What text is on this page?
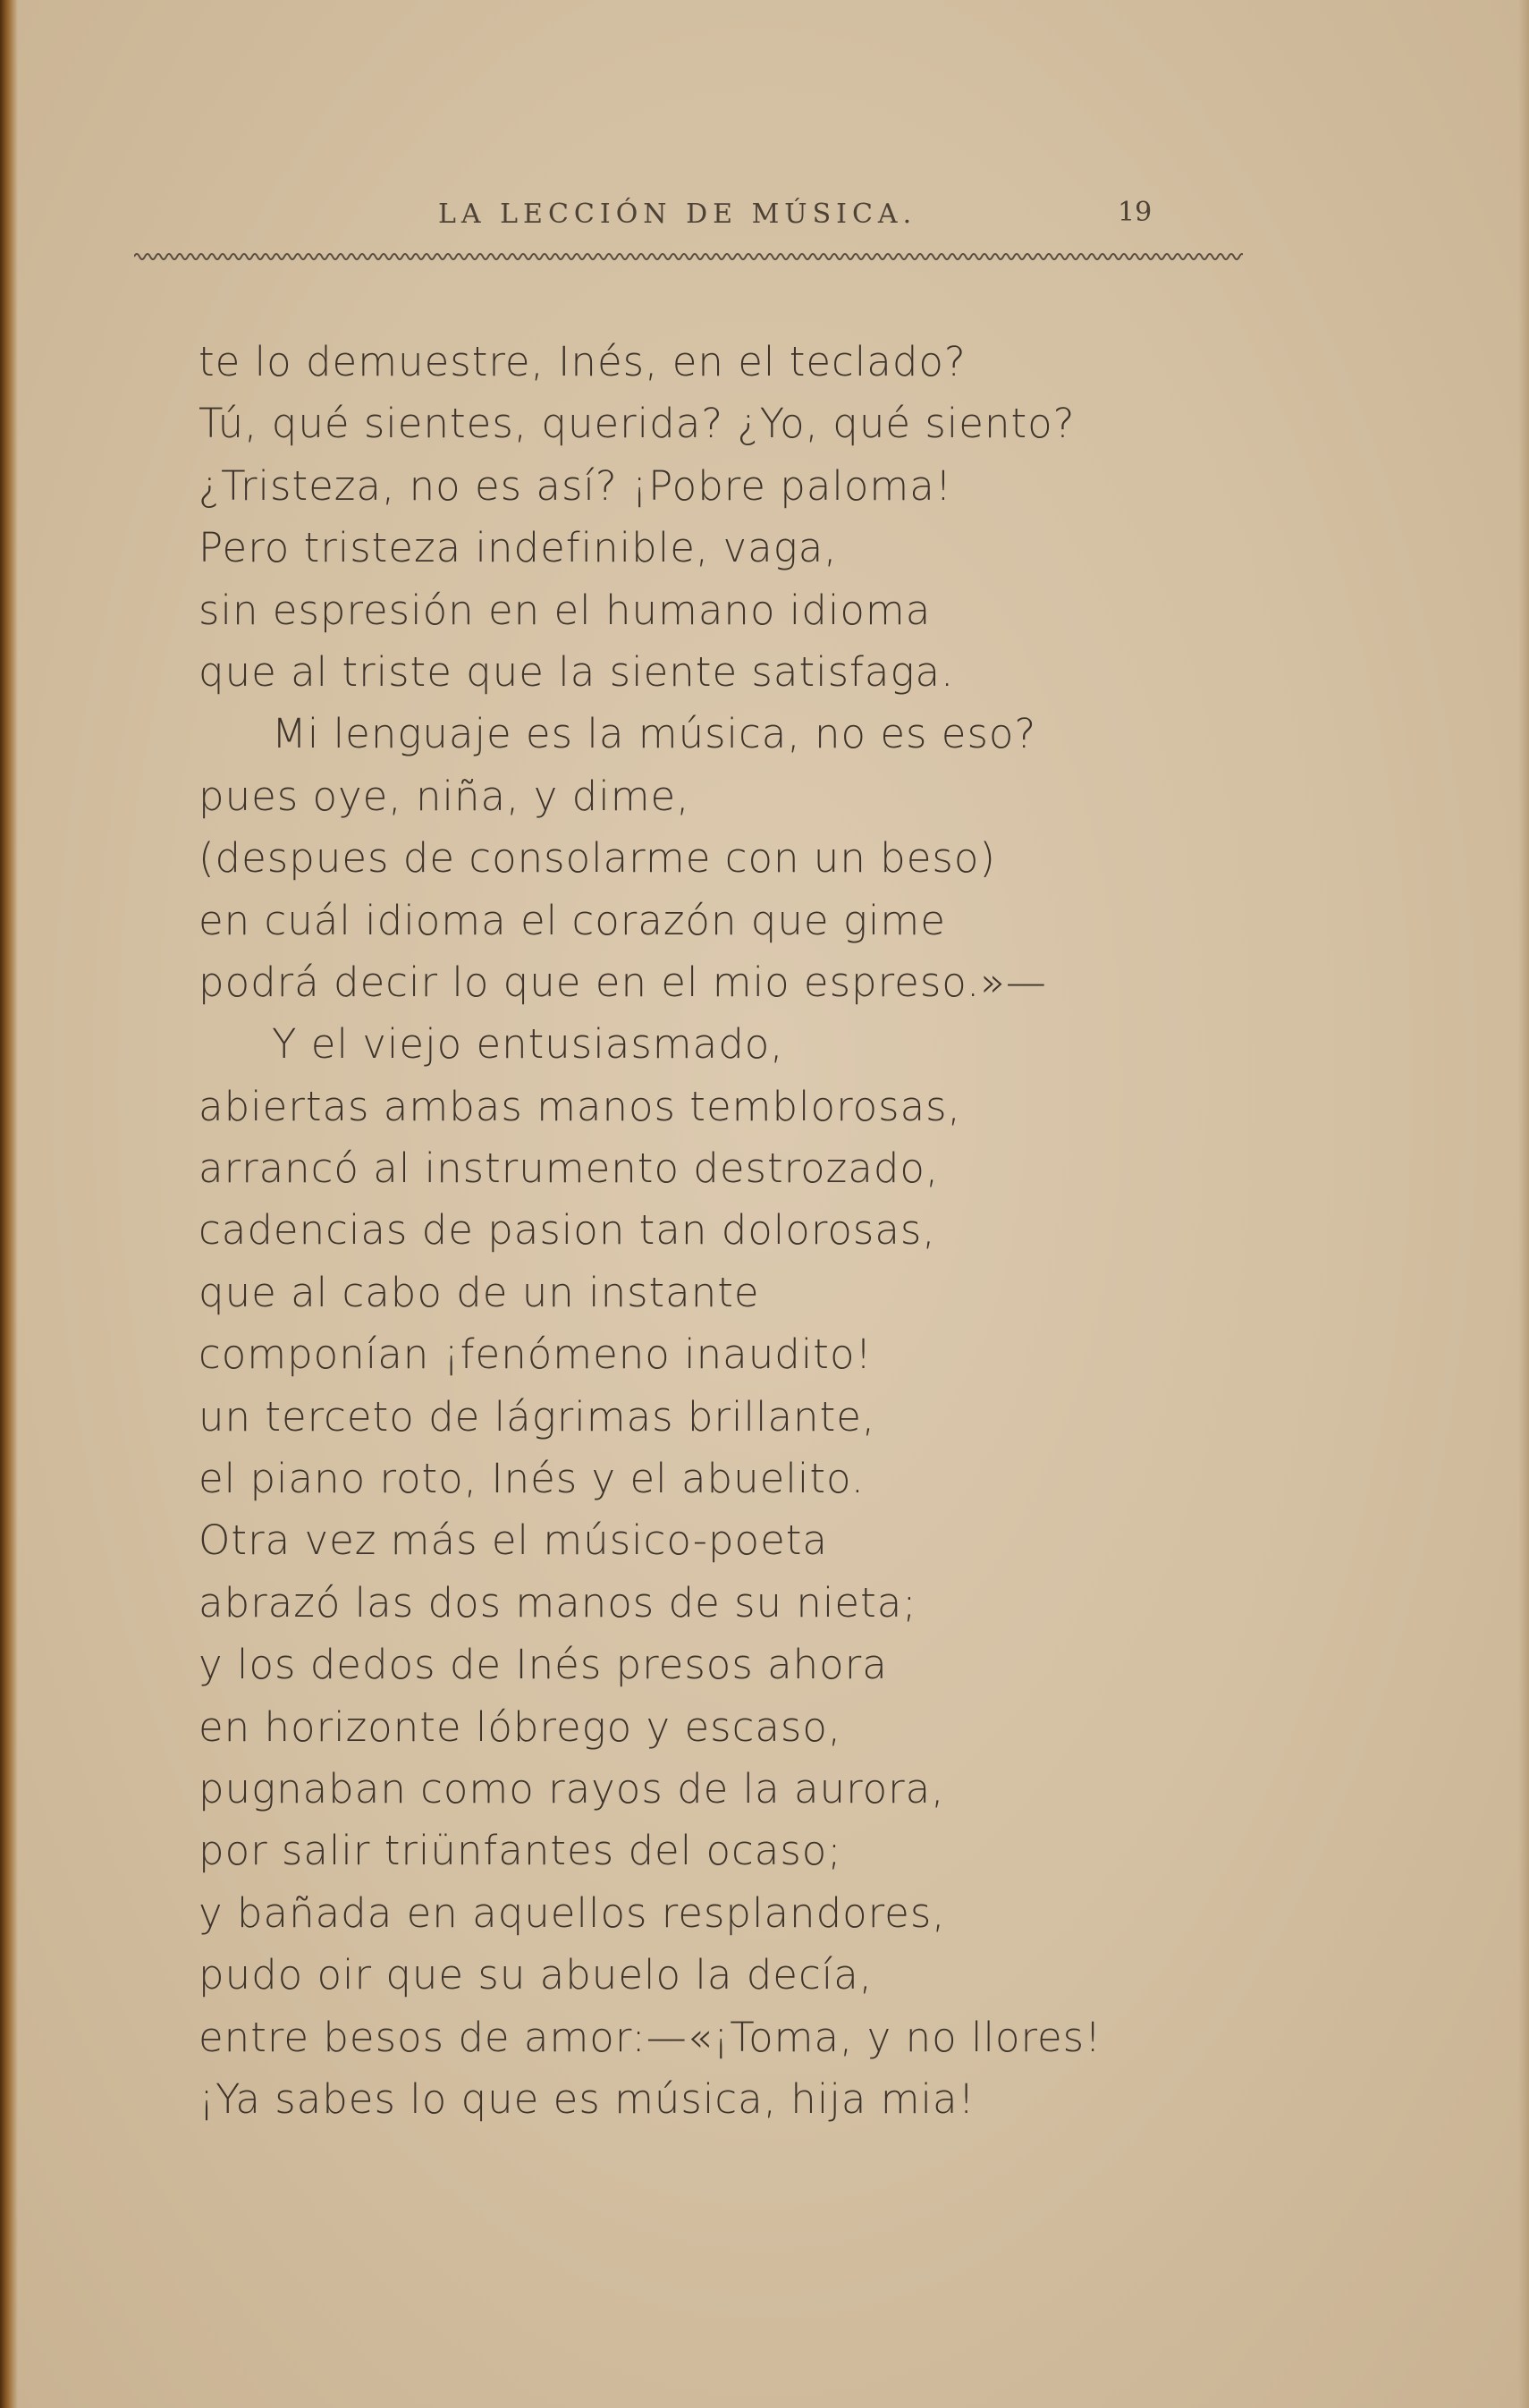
LA LECCIÓN DE MÚSICA.	19
te lo demuestre, Inés, en el teclado?
Tú, qué sientes, querida? ¿Yo, qué siento?
¿Tristeza, no es así? ¡Pobre paloma!
Pero tristeza indefinible, vaga,
sin espresión en el humano idioma
que al triste que la siente satisfaga.
Mi lenguaje es la música, no es eso?
pues oye, niña, y dime,
(despues de consolarme con un beso)
en cuál idioma el corazón que gime
podrá decir lo que en el mio espreso.»—
Y el viejo entusiasmado,
abiertas ambas manos temblorosas,
arrancó al instrumento destrozado,
cadencias de pasion tan dolorosas,
que al cabo de un instante
componían ¡fenómeno inaudito!
un terceto de lágrimas brillante,
el piano roto, Inés y el abuelito.
Otra vez más el músico-poeta
abrazó las dos manos de su nieta;
y los dedos de Inés presos ahora
en horizonte lóbrego y escaso,
pugnaban como rayos de la aurora,
por salir triünfantes del ocaso;
y bañada en aquellos resplandores,
pudo oir que su abuelo la decía,
entre besos de amor:—«¡Toma, y no llores!
¡Ya sabes lo que es música, hija mia!
